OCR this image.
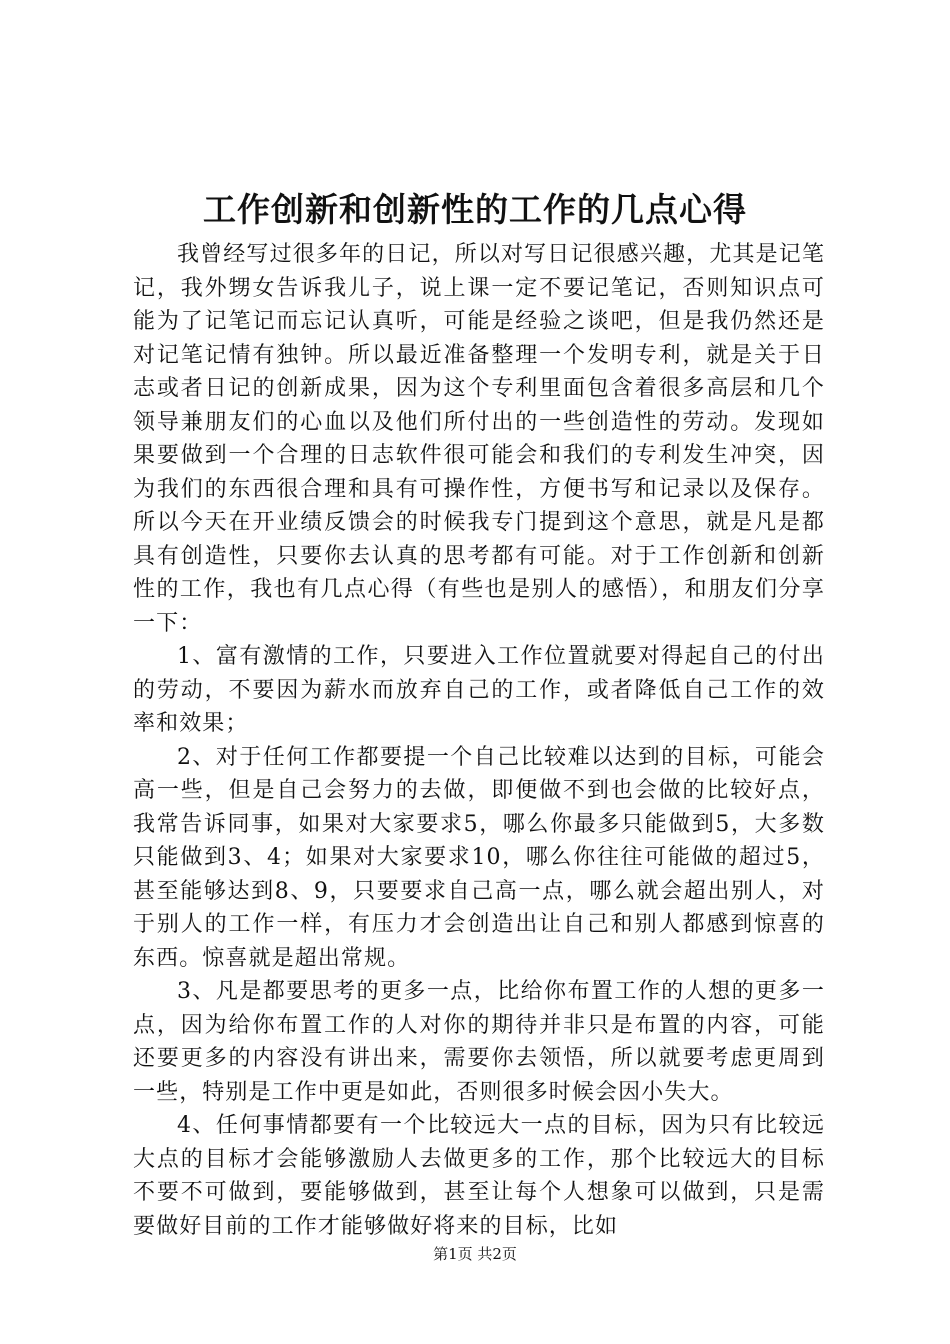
工作创新和创新性的工作的几点心得

我曾经写过很多年的日记，所以对写日记很感兴趣，尤其是记笔记，我外甥女告诉我儿子，说上课一定不要记笔记，否则知识点可能为了记笔记而忘记认真听，可能是经验之谈吧，但是我仍然还是对记笔记情有独钟。所以最近准备整理一个发明专利，就是关于日志或者日记的创新成果，因为这个专利里面包含着很多高层和几个领导兼朋友们的心血以及他们所付出的一些创造性的劳动。发现如果要做到一个合理的日志软件很可能会和我们的专利发生冲突，因为我们的东西很合理和具有可操作性，方便书写和记录以及保存。所以今天在开业绩反馈会的时候我专门提到这个意思，就是凡是都具有创造性，只要你去认真的思考都有可能。对于工作创新和创新性的工作，我也有几点心得（有些也是别人的感悟），和朋友们分享一下：

1、富有激情的工作，只要进入工作位置就要对得起自己的付出的劳动，不要因为薪水而放弃自己的工作，或者降低自己工作的效率和效果；

2、对于任何工作都要提一个自己比较难以达到的目标，可能会高一些，但是自己会努力的去做，即便做不到也会做的比较好点，我常告诉同事，如果对大家要求5，哪么你最多只能做到5，大多数只能做到3、4；如果对大家要求10，哪么你往往可能做的超过5，甚至能够达到8、9，只要要求自己高一点，哪么就会超出别人，对于别人的工作一样，有压力才会创造出让自己和别人都感到惊喜的东西。惊喜就是超出常规。

3、凡是都要思考的更多一点，比给你布置工作的人想的更多一点，因为给你布置工作的人对你的期待并非只是布置的内容，可能还要更多的内容没有讲出来，需要你去领悟，所以就要考虑更周到一些，特别是工作中更是如此，否则很多时候会因小失大。

4、任何事情都要有一个比较远大一点的目标，因为只有比较远大点的目标才会能够激励人去做更多的工作，那个比较远大的目标不要不可做到，要能够做到，甚至让每个人想象可以做到，只是需要做好目前的工作才能够做好将来的目标，比如

第1页 共2页
